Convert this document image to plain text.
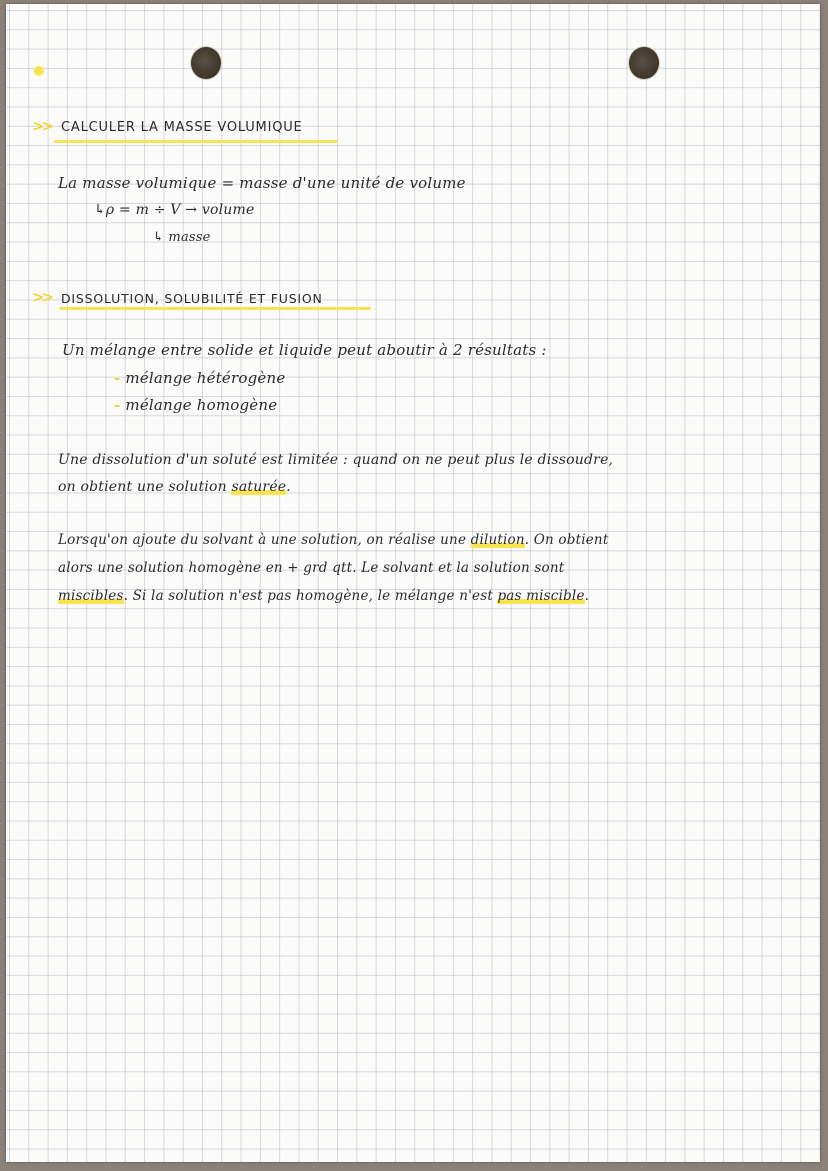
>> CALCULER LA MASSE VOLUMIQUE
La masse volumique = masse d'une unité de volume
↳ρ = m ÷ V → volume
↳ masse
>> DISSOLUTION, SOLUBILITÉ ET FUSION
Un mélange entre solide et liquide peut aboutir à 2 résultats :
- mélange hétérogène
- mélange homogène
Une dissolution d'un soluté est limitée : quand on ne peut plus le dissoudre,
on obtient une solution saturée.
Lorsqu'on ajoute du solvant à une solution, on réalise une dilution. On obtient
alors une solution homogène en + grd qtt. Le solvant et la solution sont
miscibles. Si la solution n'est pas homogène, le mélange n'est pas miscible.
